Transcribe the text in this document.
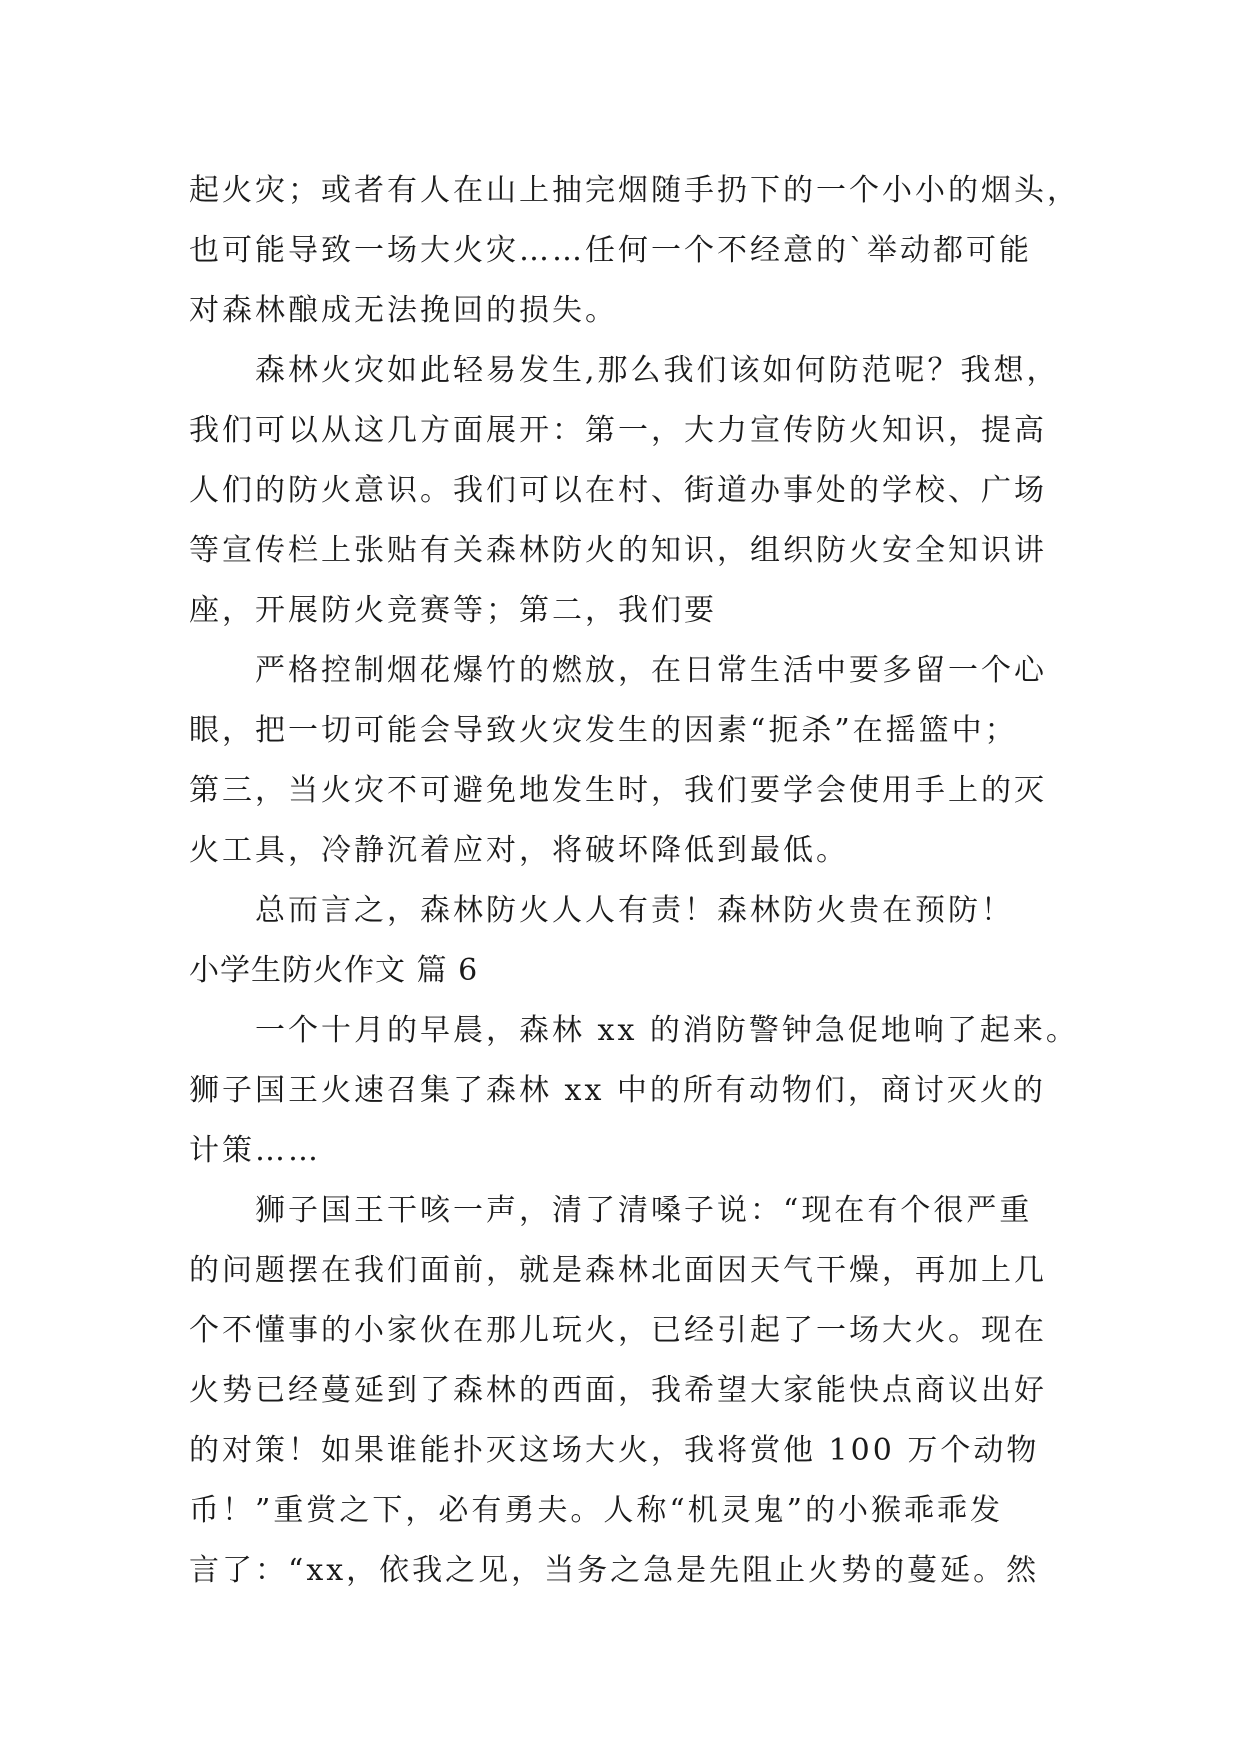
起火灾；或者有人在山上抽完烟随手扔下的一个小小的烟头，
也可能导致一场大火灾……任何一个不经意的`举动都可能
对森林酿成无法挽回的损失。
森林火灾如此轻易发生,那么我们该如何防范呢？我想，
我们可以从这几方面展开：第一，大力宣传防火知识，提高
人们的防火意识。我们可以在村、街道办事处的学校、广场
等宣传栏上张贴有关森林防火的知识，组织防火安全知识讲
座，开展防火竞赛等；第二，我们要
严格控制烟花爆竹的燃放，在日常生活中要多留一个心
眼，把一切可能会导致火灾发生的因素“扼杀”在摇篮中；
第三，当火灾不可避免地发生时，我们要学会使用手上的灭
火工具，冷静沉着应对，将破坏降低到最低。
总而言之，森林防火人人有责！森林防火贵在预防！
小学生防火作文 篇 6
一个十月的早晨，森林 xx 的消防警钟急促地响了起来。
狮子国王火速召集了森林 xx 中的所有动物们，商讨灭火的
计策……
狮子国王干咳一声，清了清嗓子说：“现在有个很严重
的问题摆在我们面前，就是森林北面因天气干燥，再加上几
个不懂事的小家伙在那儿玩火，已经引起了一场大火。现在
火势已经蔓延到了森林的西面，我希望大家能快点商议出好
的对策！如果谁能扑灭这场大火，我将赏他 100 万个动物
币！”重赏之下，必有勇夫。人称“机灵鬼”的小猴乖乖发
言了：“xx，依我之见，当务之急是先阻止火势的蔓延。然
